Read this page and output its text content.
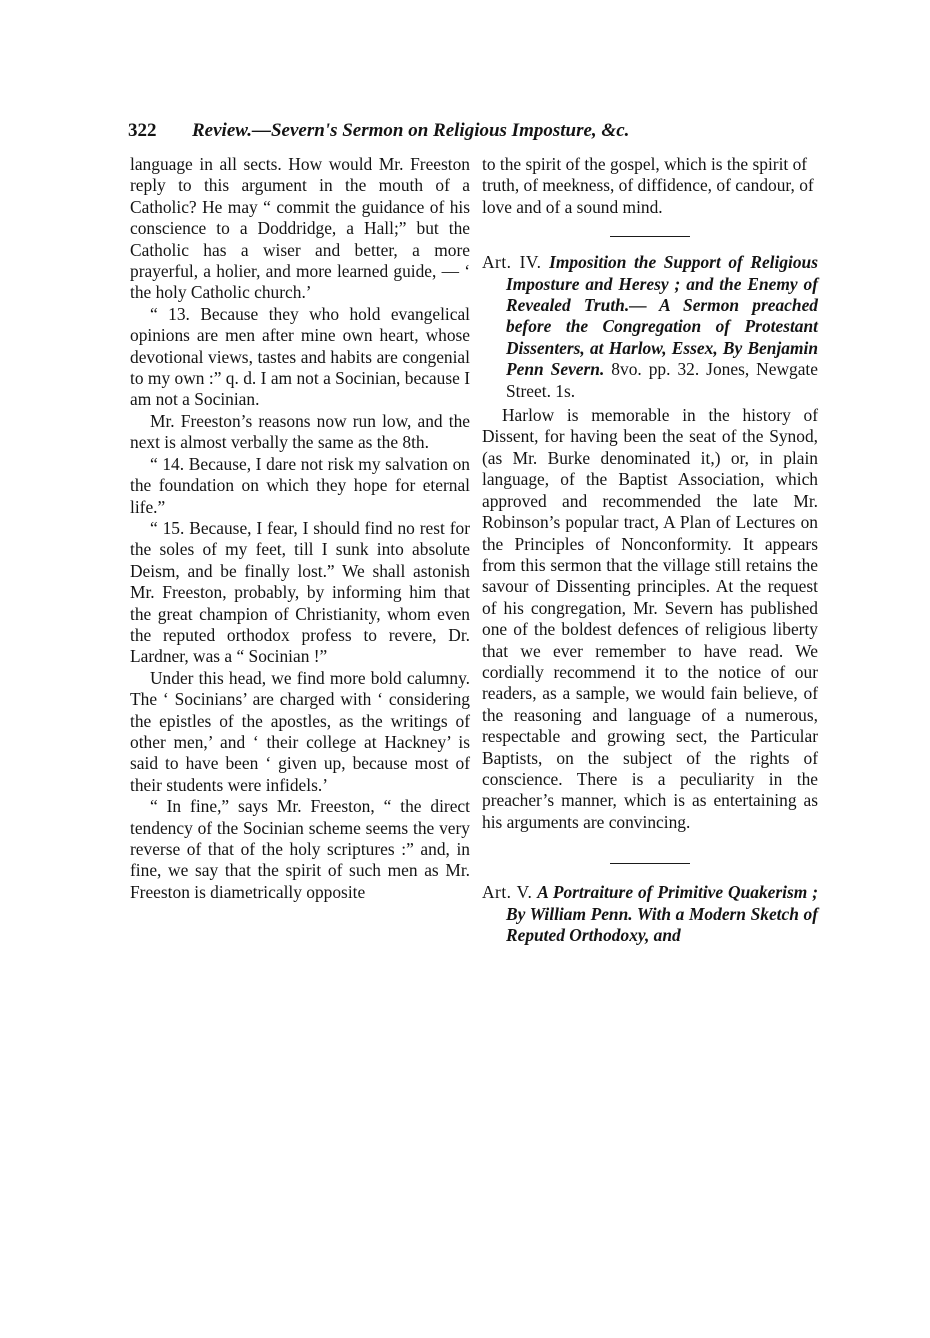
322 Review.—Severn's Sermon on Religious Imposture, &c.

language in all sects. How would Mr. Freeston reply to this argument in the mouth of a Catholic? He may “ commit the guidance of his conscience to a Doddridge, a Hall;” but the Catholic has a wiser and better, a more prayerful, a holier, and more learned guide, — ‘ the holy Catholic church.’

“ 13. Because they who hold evangelical opinions are men after mine own heart, whose devotional views, tastes and habits are congenial to my own :” q. d. I am not a Socinian, because I am not a Socinian.

Mr. Freeston’s reasons now run low, and the next is almost verbally the same as the 8th.

“ 14. Because, I dare not risk my salvation on the foundation on which they hope for eternal life.”

“ 15. Because, I fear, I should find no rest for the soles of my feet, till I sunk into absolute Deism, and be finally lost.” We shall astonish Mr. Freeston, probably, by informing him that the great champion of Christianity, whom even the reputed orthodox profess to revere, Dr. Lardner, was a “ Socinian !”

Under this head, we find more bold calumny. The ‘ Socinians’ are charged with ‘ considering the epistles of the apostles, as the writings of other men,’ and ‘ their college at Hackney’ is said to have been ‘ given up, because most of their students were infidels.’

“ In fine,” says Mr. Freeston, “ the direct tendency of the Socinian scheme seems the very reverse of that of the holy scriptures :” and, in fine, we say that the spirit of such men as Mr. Freeston is diametrically opposite

to the spirit of the gospel, which is the spirit of truth, of meekness, of diffidence, of candour, of love and of a sound mind.

Art. IV. Imposition the Support of Religious Imposture and Heresy ; and the Enemy of Revealed Truth.— A Sermon preached before the Congregation of Protestant Dissenters, at Harlow, Essex, By Benjamin Penn Severn. 8vo. pp. 32. Jones, Newgate Street. 1s.

Harlow is memorable in the history of Dissent, for having been the seat of the Synod, (as Mr. Burke denominated it,) or, in plain language, of the Baptist Association, which approved and recommended the late Mr. Robinson’s popular tract, A Plan of Lectures on the Principles of Nonconformity. It appears from this sermon that the village still retains the savour of Dissenting principles. At the request of his congregation, Mr. Severn has published one of the boldest defences of religious liberty that we ever remember to have read. We cordially recommend it to the notice of our readers, as a sample, we would fain believe, of the reasoning and language of a numerous, respectable and growing sect, the Particular Baptists, on the subject of the rights of conscience. There is a peculiarity in the preacher’s manner, which is as entertaining as his arguments are convincing.

Art. V. A Portraiture of Primitive Quakerism ; By William Penn. With a Modern Sketch of Reputed Orthodoxy, and
